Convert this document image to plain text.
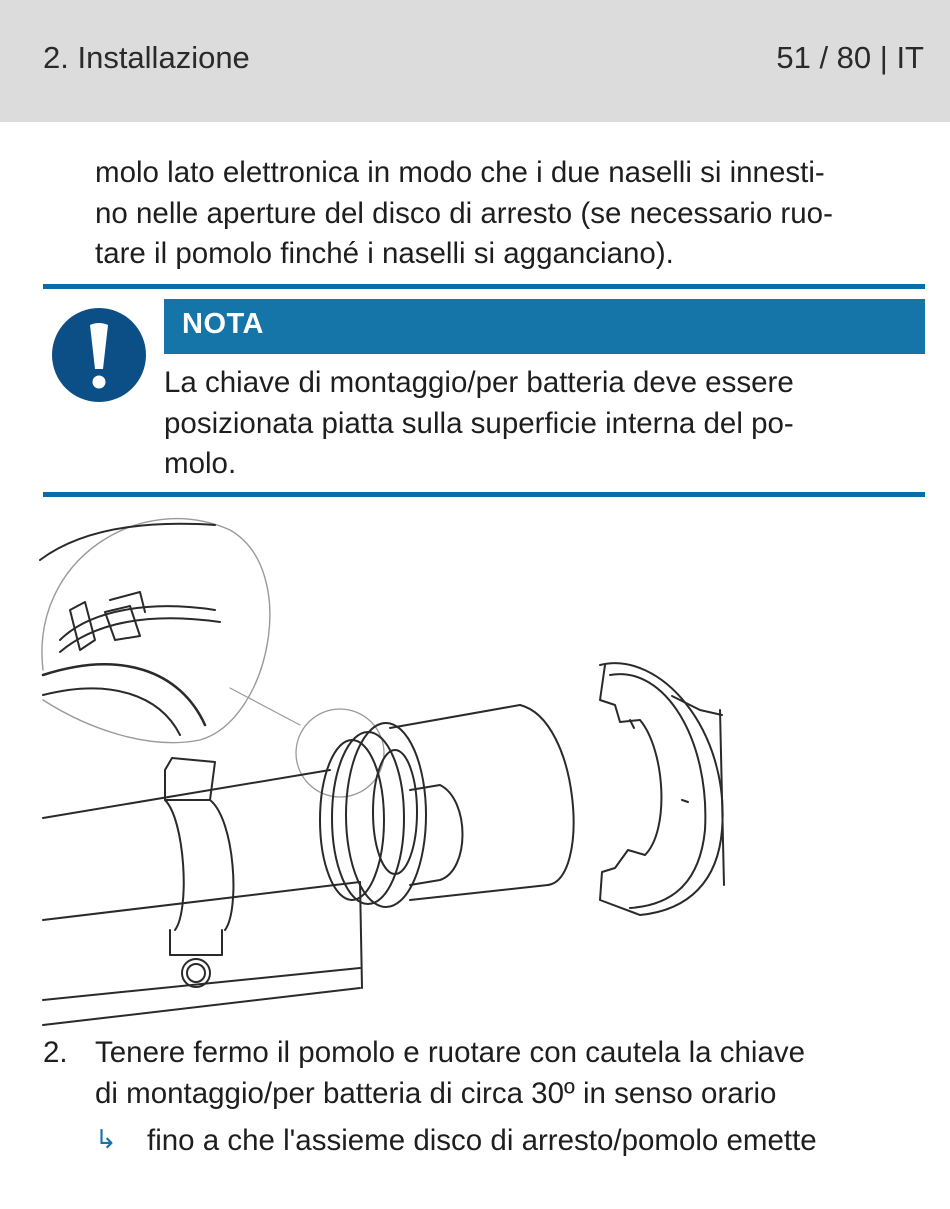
2. Installazione	51 / 80 | IT
molo lato elettronica in modo che i due naselli si innesti-
no nelle aperture del disco di arresto (se necessario ruo-
tare il pomolo finché i naselli si agganciano).
NOTA
La chiave di montaggio/per batteria deve essere
posizionata piatta sulla superficie interna del po-
molo.
2. Tenere fermo il pomolo e ruotare con cautela la chiave
di montaggio/per batteria di circa 30º in senso orario
↳ fino a che l'assieme disco di arresto/pomolo emette
